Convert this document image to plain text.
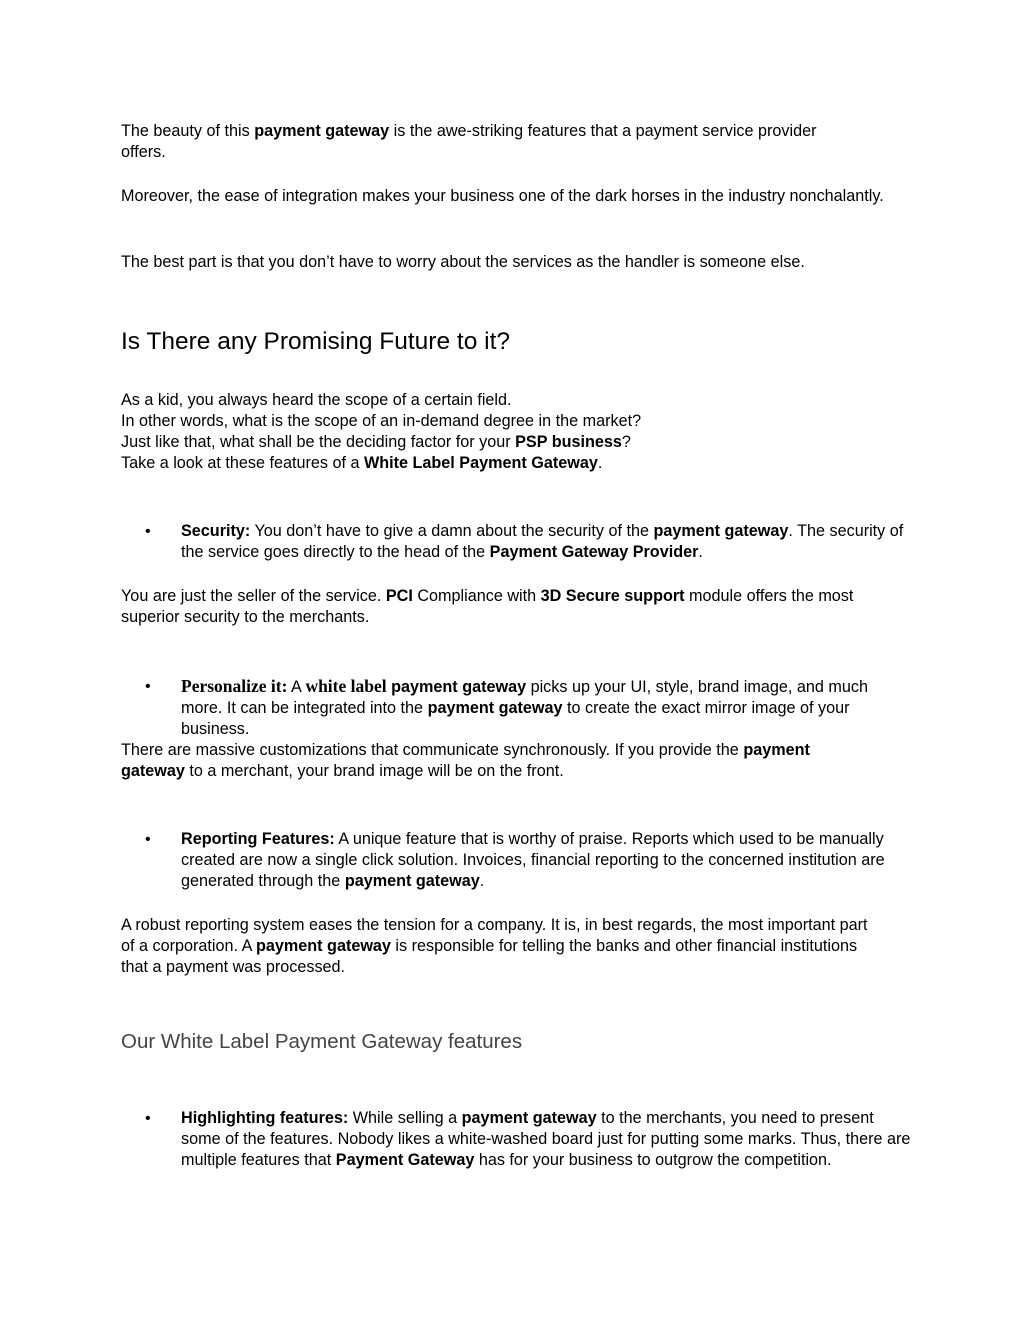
The beauty of this payment gateway is the awe-striking features that a payment service provider offers.

Moreover, the ease of integration makes your business one of the dark horses in the industry nonchalantly.

The best part is that you don’t have to worry about the services as the handler is someone else.

Is There any Promising Future to it?
As a kid, you always heard the scope of a certain field.
In other words, what is the scope of an in-demand degree in the market?
Just like that, what shall be the deciding factor for your PSP business?
Take a look at these features of a White Label Payment Gateway.
• Security: You don’t have to give a damn about the security of the payment gateway. The security of the service goes directly to the head of the Payment Gateway Provider.

You are just the seller of the service. PCI Compliance with 3D Secure support module offers the most superior security to the merchants.

• Personalize it: A white label payment gateway picks up your UI, style, brand image, and much more. It can be integrated into the payment gateway to create the exact mirror image of your business.

There are massive customizations that communicate synchronously. If you provide the payment gateway to a merchant, your brand image will be on the front.

• Reporting Features: A unique feature that is worthy of praise. Reports which used to be manually created are now a single click solution. Invoices, financial reporting to the concerned institution are generated through the payment gateway.

A robust reporting system eases the tension for a company. It is, in best regards, the most important part of a corporation. A payment gateway is responsible for telling the banks and other financial institutions that a payment was processed.

Our White Label Payment Gateway features
• Highlighting features: While selling a payment gateway to the merchants, you need to present some of the features. Nobody likes a white-washed board just for putting some marks. Thus, there are multiple features that Payment Gateway has for your business to outgrow the competition.
